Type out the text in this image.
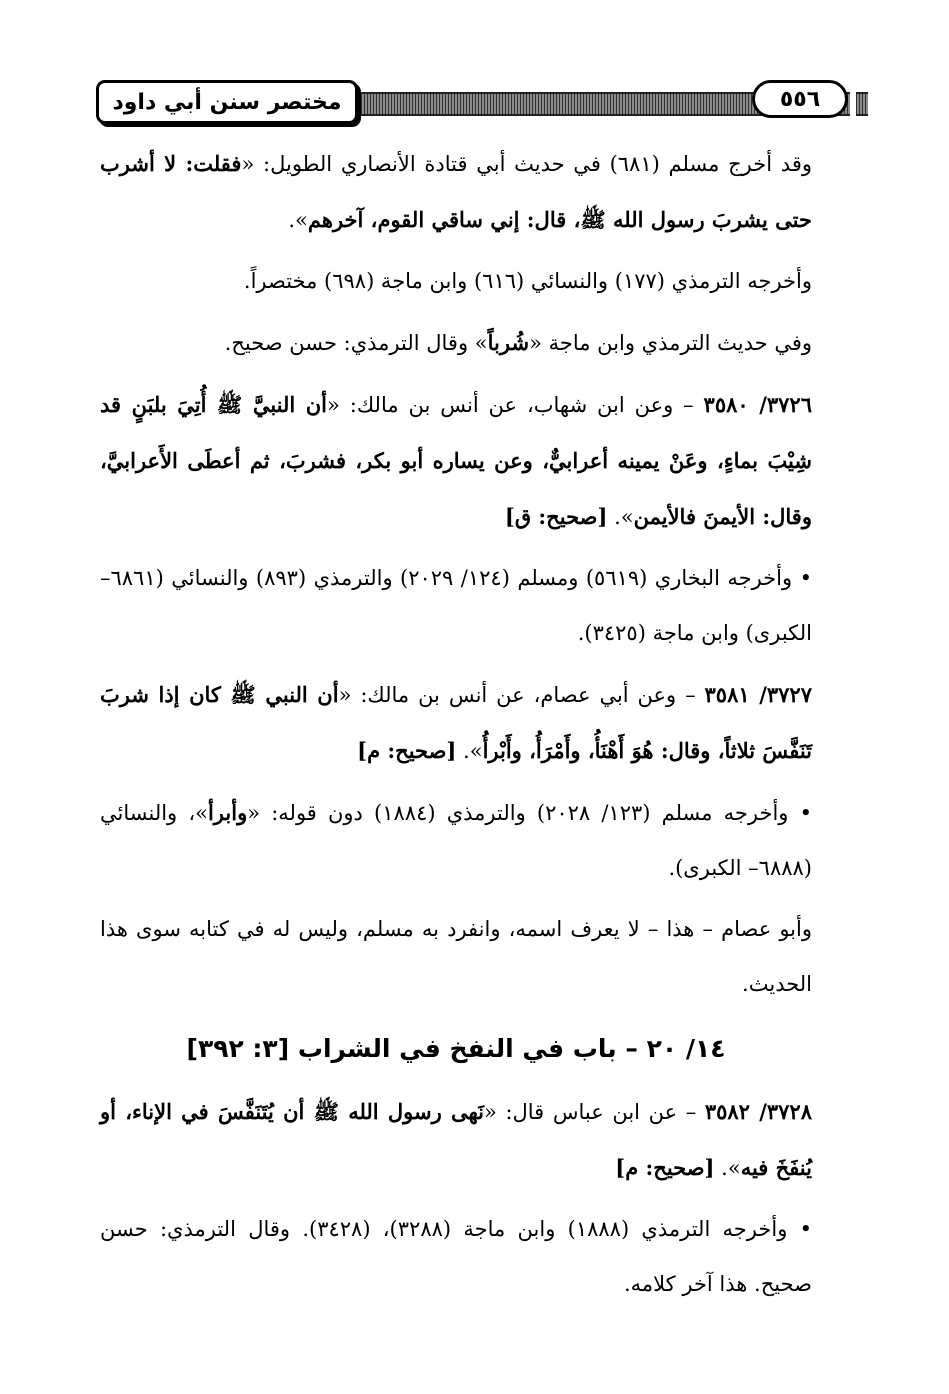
مختصر سنن أبي داود	٥٥٦

وقد أخرج مسلم (٦٨١) في حديث أبي قتادة الأنصاري الطويل: «فقلت: لا أشرب حتى يشربَ رسول الله ﷺ، قال: إني ساقي القوم، آخرهم».

وأخرجه الترمذي (١٧٧) والنسائي (٦١٦) وابن ماجة (٦٩٨) مختصراً.

وفي حديث الترمذي وابن ماجة «شُرباً» وقال الترمذي: حسن صحيح.

٣٧٢٦/ ٣٥٨٠ – وعن ابن شهاب، عن أنس بن مالك: «أن النبيَّ ﷺ أُتِيَ بلبَنٍ قد شِيْبَ بماءٍ، وعَنْ يمينه أعرابيٌّ، وعن يساره أبو بكر، فشربَ، ثم أعطَى الأَعرابيَّ، وقال: الأيمنَ فالأيمن». [صحيح: ق]

• وأخرجه البخاري (٥٦١٩) ومسلم (١٢٤/ ٢٠٢٩) والترمذي (٨٩٣) والنسائي (٦٨٦١– الكبرى) وابن ماجة (٣٤٢٥).

٣٧٢٧/ ٣٥٨١ – وعن أبي عصام، عن أنس بن مالك: «أن النبي ﷺ كان إذا شربَ تَنَفَّسَ ثلاثاً، وقال: هُوَ أَهْنَأُ، وأَمْرَأُ، وأَبْرأُ». [صحيح: م]

• وأخرجه مسلم (١٢٣/ ٢٠٢٨) والترمذي (١٨٨٤) دون قوله: «وأبرأ»، والنسائي (٦٨٨٨– الكبرى).

وأبو عصام – هذا – لا يعرف اسمه، وانفرد به مسلم، وليس له في كتابه سوى هذا الحديث.

١٤/ ٢٠ – باب في النفخ في الشراب [٣: ٣٩٢]

٣٧٢٨/ ٣٥٨٢ – عن ابن عباس قال: «نَهى رسول الله ﷺ أن يُتَنَفَّسَ في الإناء، أو يُنفَخَ فيه». [صحيح: م]

• وأخرجه الترمذي (١٨٨٨) وابن ماجة (٣٢٨٨)، (٣٤٢٨). وقال الترمذي: حسن صحيح. هذا آخر كلامه.
